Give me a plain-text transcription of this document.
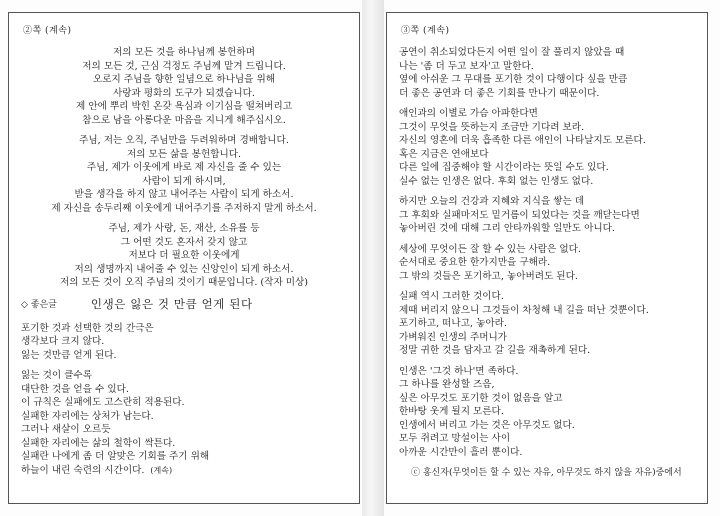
②쪽 (계속)
저의 모든 것을 하나님께 봉헌하며
저의 모든 것, 근심 걱정도 주님께 맡겨 드립니다.
오로지 주님을 향한 일념으로 하나님을 위해
사랑과 평화의 도구가 되겠습니다.
제 안에 뿌리 박힌 온갖 욕심과 이기심을 떨쳐버리고
참으로 남을 아롱다운 마음을 지니게 해주십시오.
주님, 저는 오직, 주님만을 두려워하며 경배합니다.
저의 모든 삶을 봉헌합니다.
주님, 제가 이웃에게 바로 제 자신을 줄 수 있는
사람이 되게 하시며,
받을 생각을 하지 않고 내어주는 사람이 되게 하소서.
제 자신을 송두리째 이웃에게 내어주기를 주저하지 말게 하소서.
주님, 제가 사랑, 돈, 재산, 소유를 등
그 어떤 것도 혼자서 갖지 않고
저보다 더 필요한 이웃에게
저의 생명까지 내어줄 수 있는 신앙인이 되게 하소서.
저의 모든 것이 오직 주님의 것이기 때문입니다. (작자 미상)
◇ 좋은글	인생은 잃은 것 만큼 얻게 된다
포기한 것과 선택한 것의 간극은
생각보다 크지 않다.
잃는 것만큼 얻게 된다.
잃는 것이 클수록
대단한 것을 얻을 수 있다.
이 규칙은 실패에도 고스란히 적용된다.
실패한 자리에는 상처가 남는다.
그러나 새살이 오르듯
실패한 자리에는 삶의 철학이 싹튼다.
실패란 나에게 좀 더 알맞은 기회를 주기 위해
하늘이 내린 숙련의 시간이다. (계속)
③쪽 (계속)
공연이 취소되었다든지 어떤 일이 잘 풀리지 않았을 때
나는 '좀 더 두고 보자'고 말한다.
옆에 아쉬운 그 무대를 포기한 것이 다행이다 싶을 만큼
더 좋은 공연과 더 좋은 기회를 만나기 때문이다.
애인과의 이별로 가슴 아파한다면
그것이 무엇을 뜻하는지 조금만 기다려 보라.
자신의 영혼에 더욱 흡족한 다른 애인이 나타날지도 모른다.
혹은 지금은 연애보다
다른 일에 집중해야 할 시간이라는 뜻일 수도 있다.
실수 없는 인생은 없다. 후회 없는 인생도 없다.
하지만 오늘의 건강과 지혜와 지식을 쌓는 데
그 후회와 실패마저도 밑거름이 되었다는 것을 깨닫는다면
놓아버린 것에 대해 그리 안타까워할 일만도 아니다.
세상에 무엇이든 잘 할 수 있는 사람은 없다.
순서대로 중요한 한가지만을 구해라.
그 밖의 것들은 포기하고, 놓아버려도 된다.
실패 역시 그러한 것이다.
제때 버리지 않으니 그것들이 차청해 내 길을 떠난 것뿐이다.
포기하고, 떠나고, 놓아라.
가벼워진 인생의 주머니가
정말 귀한 것을 담자고 갈 길을 재촉하게 된다.
인생은 '그것 하나'면 족하다.
그 하나를 완성할 즈음,
싶은 아무것도 포기한 것이 없음을 알고
한바탕 웃게 될지 모른다.
인생에서 버리고 가는 것은 아무것도 없다.
모두 쥐려고 망설이는 사이
아까운 시간만이 흘러 뿐이다.
ⓒ 홍신자(무엇이든 할 수 있는 자유, 아무것도 하지 않을 자유)중에서
